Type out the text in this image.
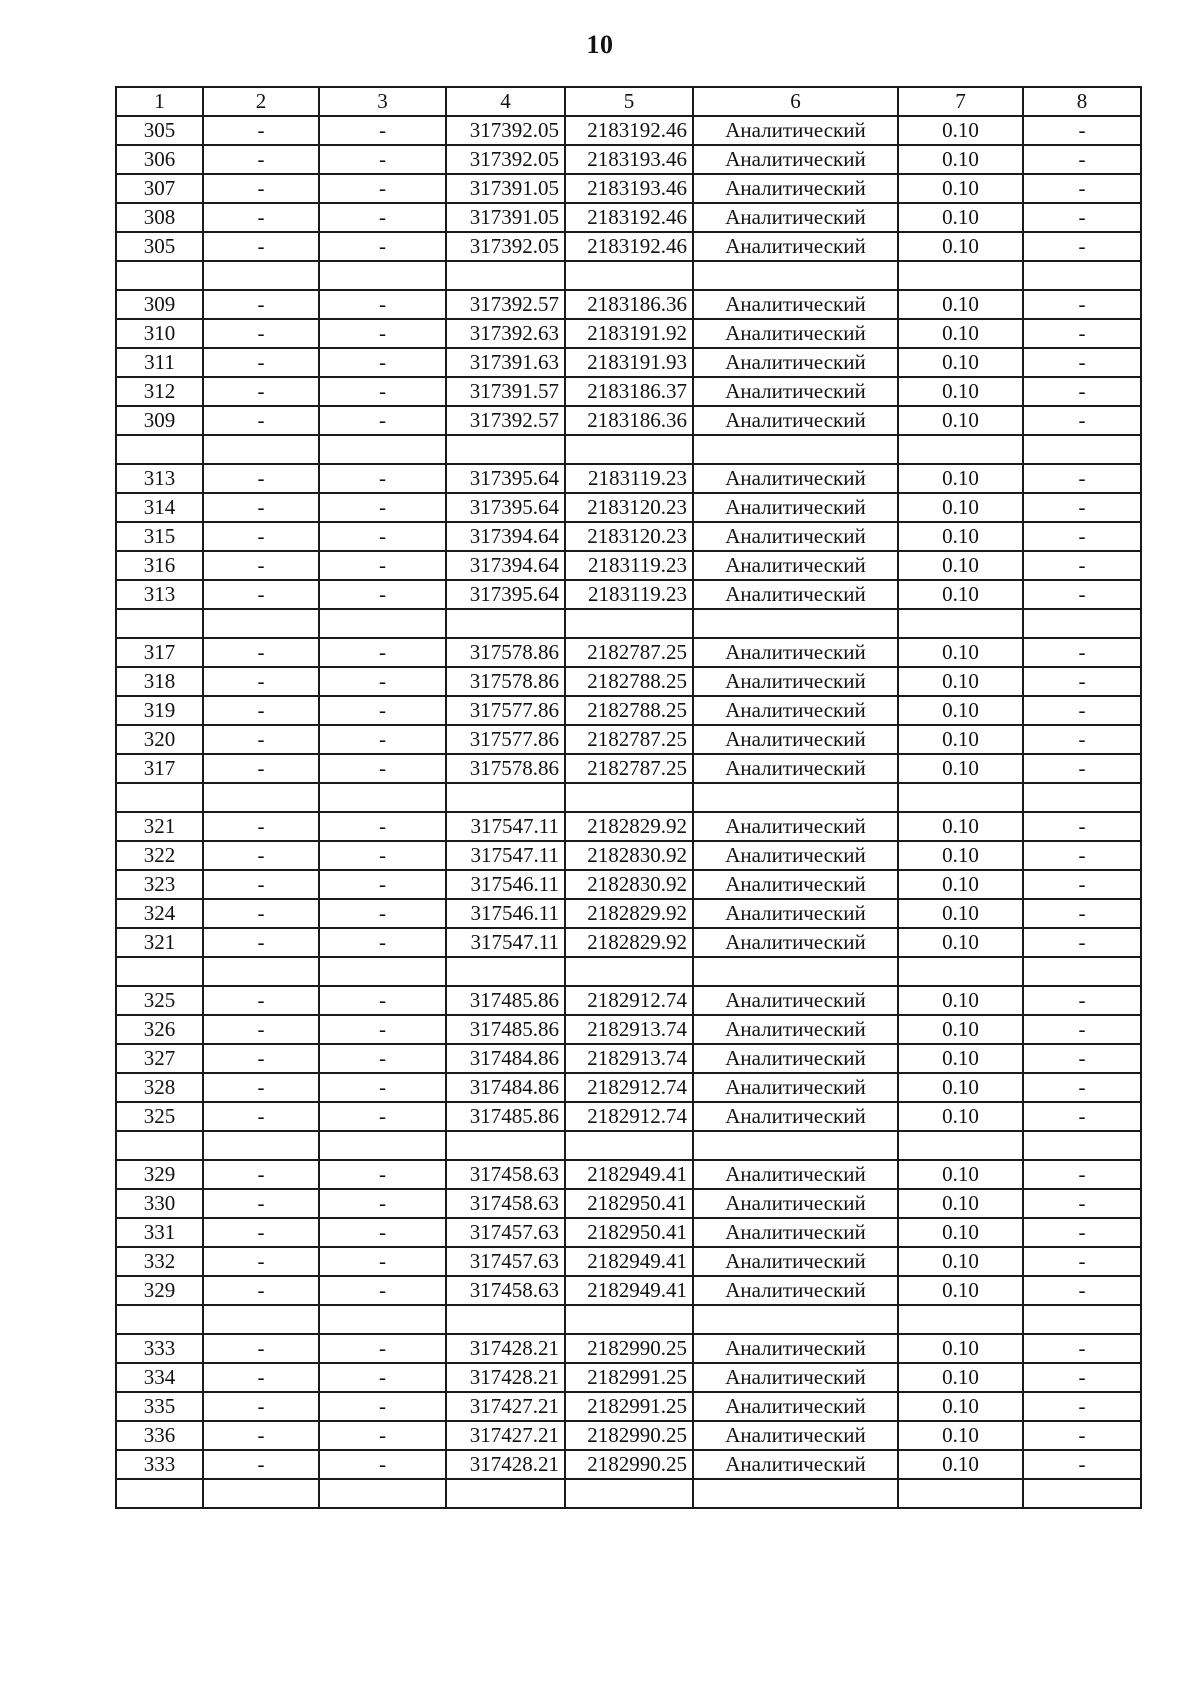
10
1	2	3	4	5	6	7	8
305	-	-	317392.05	2183192.46	Аналитический	0.10	-
306	-	-	317392.05	2183193.46	Аналитический	0.10	-
307	-	-	317391.05	2183193.46	Аналитический	0.10	-
308	-	-	317391.05	2183192.46	Аналитический	0.10	-
305	-	-	317392.05	2183192.46	Аналитический	0.10	-

309	-	-	317392.57	2183186.36	Аналитический	0.10	-
310	-	-	317392.63	2183191.92	Аналитический	0.10	-
311	-	-	317391.63	2183191.93	Аналитический	0.10	-
312	-	-	317391.57	2183186.37	Аналитический	0.10	-
309	-	-	317392.57	2183186.36	Аналитический	0.10	-

313	-	-	317395.64	2183119.23	Аналитический	0.10	-
314	-	-	317395.64	2183120.23	Аналитический	0.10	-
315	-	-	317394.64	2183120.23	Аналитический	0.10	-
316	-	-	317394.64	2183119.23	Аналитический	0.10	-
313	-	-	317395.64	2183119.23	Аналитический	0.10	-

317	-	-	317578.86	2182787.25	Аналитический	0.10	-
318	-	-	317578.86	2182788.25	Аналитический	0.10	-
319	-	-	317577.86	2182788.25	Аналитический	0.10	-
320	-	-	317577.86	2182787.25	Аналитический	0.10	-
317	-	-	317578.86	2182787.25	Аналитический	0.10	-

321	-	-	317547.11	2182829.92	Аналитический	0.10	-
322	-	-	317547.11	2182830.92	Аналитический	0.10	-
323	-	-	317546.11	2182830.92	Аналитический	0.10	-
324	-	-	317546.11	2182829.92	Аналитический	0.10	-
321	-	-	317547.11	2182829.92	Аналитический	0.10	-

325	-	-	317485.86	2182912.74	Аналитический	0.10	-
326	-	-	317485.86	2182913.74	Аналитический	0.10	-
327	-	-	317484.86	2182913.74	Аналитический	0.10	-
328	-	-	317484.86	2182912.74	Аналитический	0.10	-
325	-	-	317485.86	2182912.74	Аналитический	0.10	-

329	-	-	317458.63	2182949.41	Аналитический	0.10	-
330	-	-	317458.63	2182950.41	Аналитический	0.10	-
331	-	-	317457.63	2182950.41	Аналитический	0.10	-
332	-	-	317457.63	2182949.41	Аналитический	0.10	-
329	-	-	317458.63	2182949.41	Аналитический	0.10	-

333	-	-	317428.21	2182990.25	Аналитический	0.10	-
334	-	-	317428.21	2182991.25	Аналитический	0.10	-
335	-	-	317427.21	2182991.25	Аналитический	0.10	-
336	-	-	317427.21	2182990.25	Аналитический	0.10	-
333	-	-	317428.21	2182990.25	Аналитический	0.10	-
